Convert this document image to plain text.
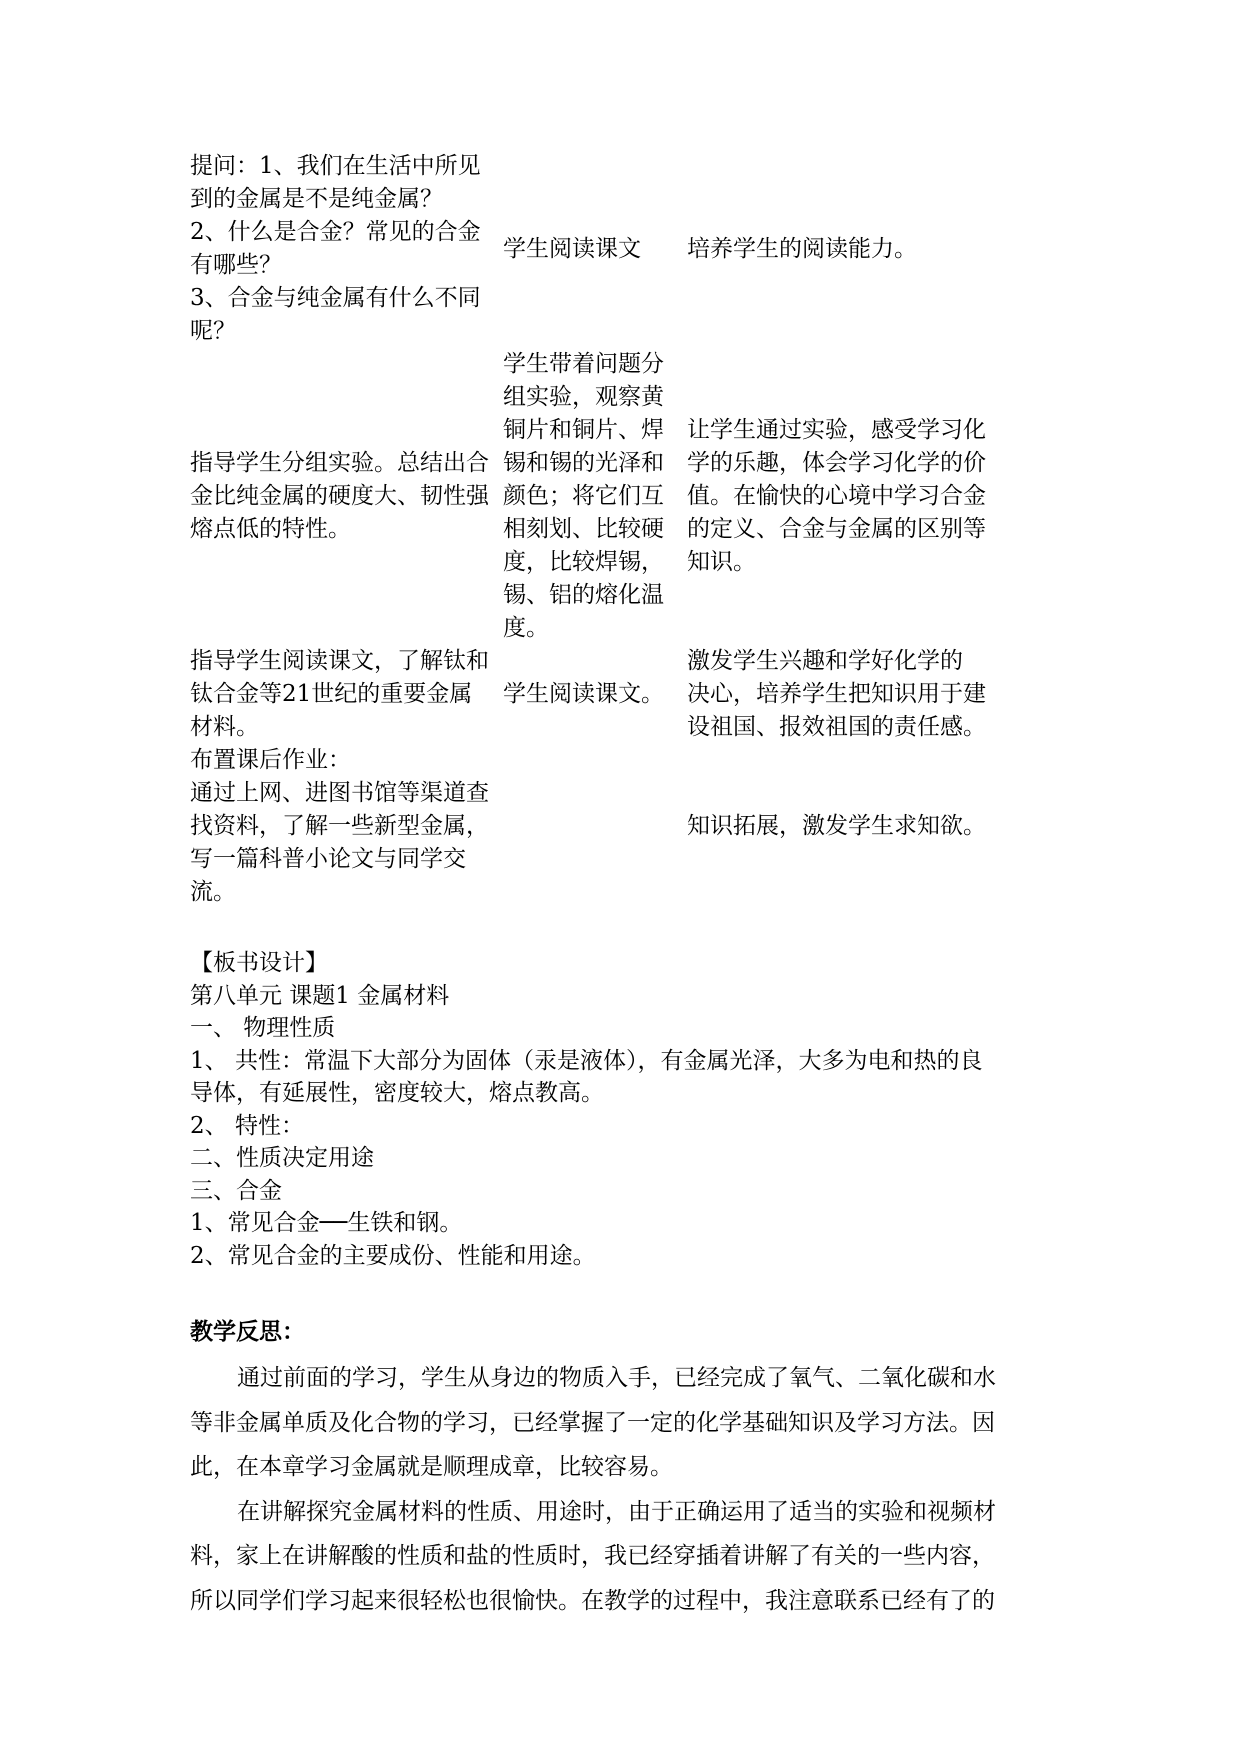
提问：1、我们在生活中所见
到的金属是不是纯金属？
2、什么是合金？常见的合金
有哪些？
3、合金与纯金属有什么不同
呢？
学生阅读课文	培养学生的阅读能力。
指导学生分组实验。总结出合
金比纯金属的硬度大、韧性强
熔点低的特性。
学生带着问题分
组实验，观察黄
铜片和铜片、焊
锡和锡的光泽和
颜色；将它们互
相刻划、比较硬
度，比较焊锡，
锡、铝的熔化温
度。
让学生通过实验，感受学习化
学的乐趣，体会学习化学的价
值。在愉快的心境中学习合金
的定义、合金与金属的区别等
知识。
指导学生阅读课文，了解钛和
钛合金等21世纪的重要金属
材料。
学生阅读课文。
激发学生兴趣和学好化学的
决心，培养学生把知识用于建
设祖国、报效祖国的责任感。
布置课后作业：
通过上网、进图书馆等渠道查
找资料，了解一些新型金属，
写一篇科普小论文与同学交
流。
知识拓展，激发学生求知欲。
【板书设计】
第八单元 课题1 金属材料
一、 物理性质
1、 共性：常温下大部分为固体（汞是液体），有金属光泽，大多为电和热的良
导体，有延展性，密度较大，熔点教高。
2、 特性：
二、性质决定用途
三、合金
1、常见合金──生铁和钢。
2、常见合金的主要成份、性能和用途。
教学反思：
通过前面的学习，学生从身边的物质入手，已经完成了氧气、二氧化碳和水
等非金属单质及化合物的学习，已经掌握了一定的化学基础知识及学习方法。因
此，在本章学习金属就是顺理成章，比较容易。
在讲解探究金属材料的性质、用途时，由于正确运用了适当的实验和视频材
料，家上在讲解酸的性质和盐的性质时，我已经穿插着讲解了有关的一些内容，
所以同学们学习起来很轻松也很愉快。在教学的过程中，我注意联系已经有了的
